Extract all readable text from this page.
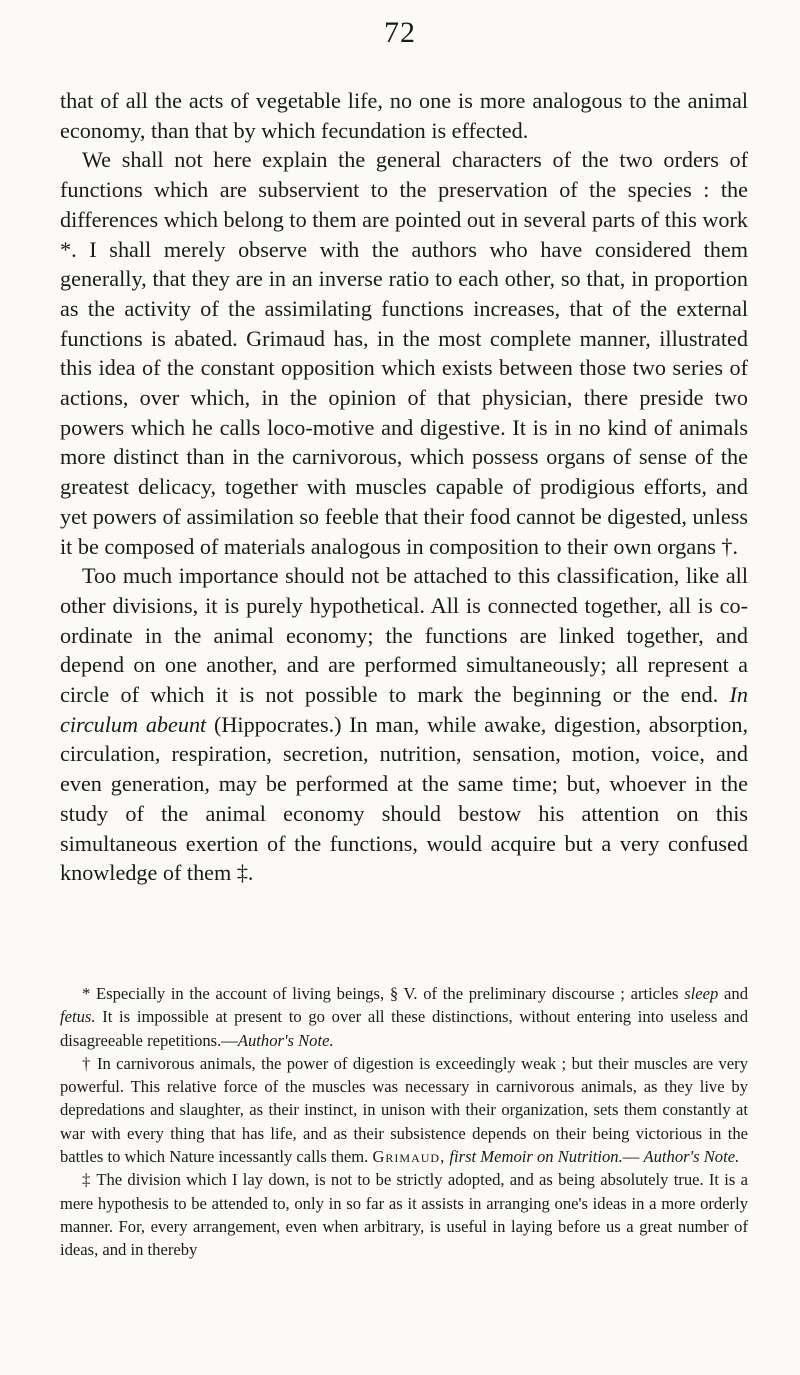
72

that of all the acts of vegetable life, no one is more analogous to the animal economy, than that by which fecundation is effected.

We shall not here explain the general characters of the two orders of functions which are subservient to the preservation of the species : the differences which belong to them are pointed out in several parts of this work *. I shall merely observe with the authors who have considered them generally, that they are in an inverse ratio to each other, so that, in proportion as the activity of the assimilating functions increases, that of the external functions is abated. Grimaud has, in the most complete manner, illustrated this idea of the constant opposition which exists between those two series of actions, over which, in the opinion of that physician, there preside two powers which he calls loco-motive and digestive. It is in no kind of animals more distinct than in the carnivorous, which possess organs of sense of the greatest delicacy, together with muscles capable of prodigious efforts, and yet powers of assimilation so feeble that their food cannot be digested, unless it be composed of materials analogous in composition to their own organs †.

Too much importance should not be attached to this classification, like all other divisions, it is purely hypothetical. All is connected together, all is co-ordinate in the animal economy; the functions are linked together, and depend on one another, and are performed simultaneously; all represent a circle of which it is not possible to mark the beginning or the end. In circulum abeunt (Hippocrates.) In man, while awake, digestion, absorption, circulation, respiration, secretion, nutrition, sensation, motion, voice, and even generation, may be performed at the same time; but, whoever in the study of the animal economy should bestow his attention on this simultaneous exertion of the functions, would acquire but a very confused knowledge of them ‡.

* Especially in the account of living beings, § V. of the preliminary discourse ; articles sleep and fetus. It is impossible at present to go over all these distinctions, without entering into useless and disagreeable repetitions.—Author's Note.

† In carnivorous animals, the power of digestion is exceedingly weak ; but their muscles are very powerful. This relative force of the muscles was necessary in carnivorous animals, as they live by depredations and slaughter, as their instinct, in unison with their organization, sets them constantly at war with every thing that has life, and as their subsistence depends on their being victorious in the battles to which Nature incessantly calls them. Grimaud, first Memoir on Nutrition.— Author's Note.

‡ The division which I lay down, is not to be strictly adopted, and as being absolutely true. It is a mere hypothesis to be attended to, only in so far as it assists in arranging one's ideas in a more orderly manner. For, every arrangement, even when arbitrary, is useful in laying before us a great number of ideas, and in thereby
